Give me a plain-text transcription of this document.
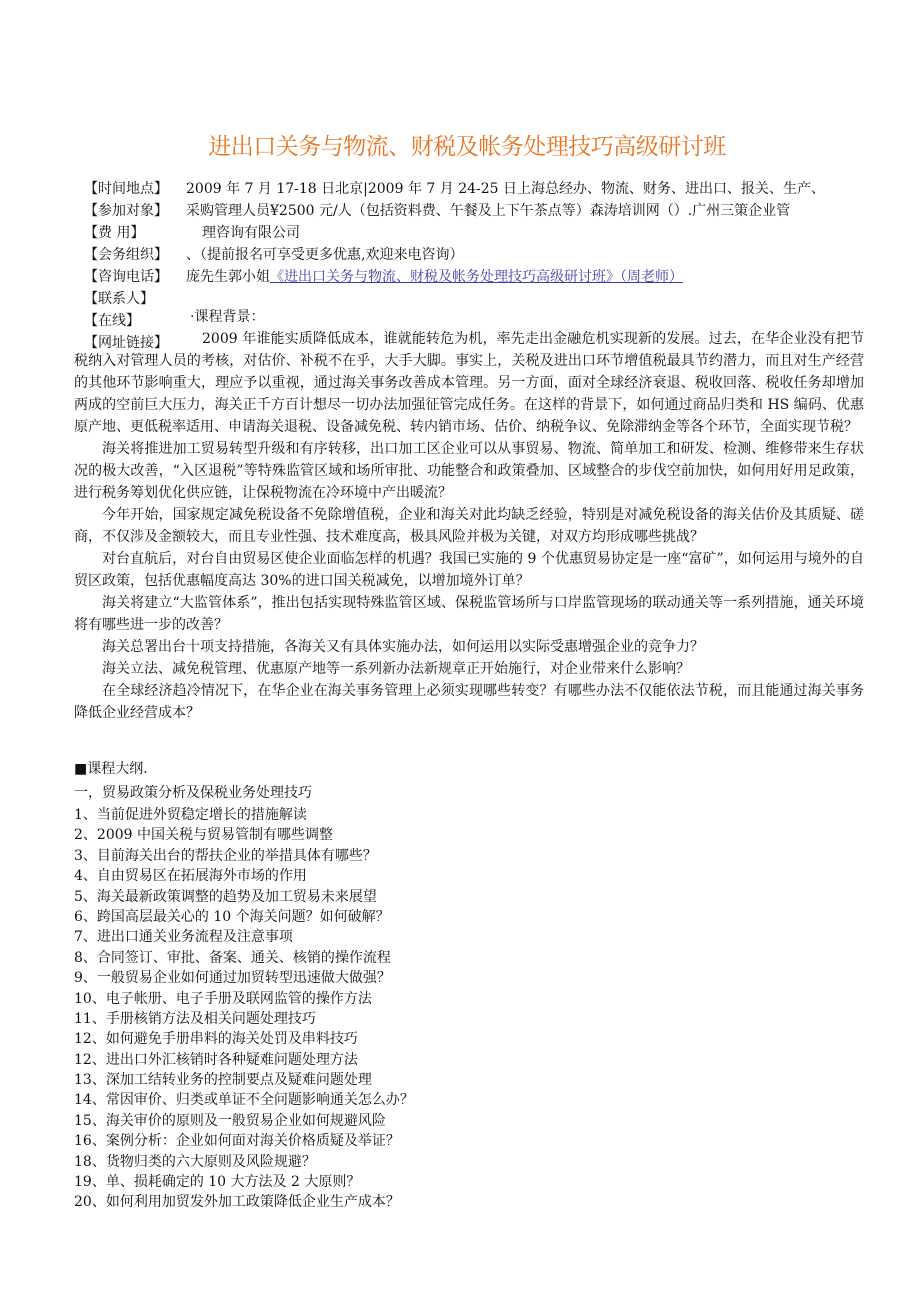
进出口关务与物流、财税及帐务处理技巧高级研讨班
【时间地点】
【参加对象】
【费 用】
【会务组织】
【咨询电话】
【联系人】
【在线】
【网址链接】
2009 年 7 月 17-18 日北京|2009 年 7 月 24-25 日上海总经办、物流、财务、进出口、报关、生产、
采购管理人员¥2500 元/人（包括资料费、午餐及上下午茶点等）森涛培训网（）.广州三策企业管
理咨询有限公司
、（提前报名可享受更多优惠,欢迎来电咨询）
庞先生郭小姐《进出口关务与物流、财税及帐务处理技巧高级研讨班》（周老师）
·课程背景：

2009 年谁能实质降低成本，谁就能转危为机，率先走出金融危机实现新的发展。过去，在华企业没有把节税纳入对管理人员的考核，对估价、补税不在乎，大手大脚。事实上，关税及进出口环节增值税最具节约潜力，而且对生产经营的其他环节影响重大，理应予以重视，通过海关事务改善成本管理。另一方面，面对全球经济衰退、税收回落、税收任务却增加两成的空前巨大压力，海关正千方百计想尽一切办法加强征管完成任务。在这样的背景下，如何通过商品归类和 HS 编码、优惠原产地、更低税率适用、申请海关退税、设备减免税、转内销市场、估价、纳税争议、免除滞纳金等各个环节，全面实现节税？

海关将推进加工贸易转型升级和有序转移，出口加工区企业可以从事贸易、物流、简单加工和研发、检测、维修带来生存状况的极大改善，“入区退税”等特殊监管区域和场所审批、功能整合和政策叠加、区域整合的步伐空前加快，如何用好用足政策，进行税务筹划优化供应链，让保税物流在冷环境中产出暖流？

今年开始，国家规定减免税设备不免除增值税，企业和海关对此均缺乏经验，特别是对减免税设备的海关估价及其质疑、磋商，不仅涉及金额较大，而且专业性强、技术难度高，极具风险并极为关键，对双方均形成哪些挑战？

对台直航后，对台自由贸易区使企业面临怎样的机遇？我国已实施的 9 个优惠贸易协定是一座“富矿”，如何运用与境外的自贸区政策，包括优惠幅度高达 30%的进口国关税减免，以增加境外订单？

海关将建立“大监管体系”，推出包括实现特殊监管区域、保税监管场所与口岸监管现场的联动通关等一系列措施，通关环境将有哪些进一步的改善？

海关总署出台十项支持措施，各海关又有具体实施办法，如何运用以实际受惠增强企业的竞争力？

海关立法、减免税管理、优惠原产地等一系列新办法新规章正开始施行，对企业带来什么影响？

在全球经济趋冷情况下，在华企业在海关事务管理上必须实现哪些转变？有哪些办法不仅能依法节税，而且能通过海关事务降低企业经营成本？

■课程大纲.
一，贸易政策分析及保税业务处理技巧
1、当前促进外贸稳定增长的措施解读
2、2009 中国关税与贸易管制有哪些调整
3、目前海关出台的帮扶企业的举措具体有哪些？
4、自由贸易区在拓展海外市场的作用
5、海关最新政策调整的趋势及加工贸易未来展望
6、跨国高层最关心的 10 个海关问题？如何破解？
7、进出口通关业务流程及注意事项
8、合同签订、审批、备案、通关、核销的操作流程
9、一般贸易企业如何通过加贸转型迅速做大做强？
10、电子帐册、电子手册及联网监管的操作方法
11、手册核销方法及相关问题处理技巧
12、如何避免手册串料的海关处罚及串料技巧
12、进出口外汇核销时各种疑难问题处理方法
13、深加工结转业务的控制要点及疑难问题处理
14、常因审价、归类或单证不全问题影响通关怎么办？
15、海关审价的原则及一般贸易企业如何规避风险
16、案例分析：企业如何面对海关价格质疑及举证？
18、货物归类的六大原则及风险规避？
19、单、损耗确定的 10 大方法及 2 大原则？
20、如何利用加贸发外加工政策降低企业生产成本？
